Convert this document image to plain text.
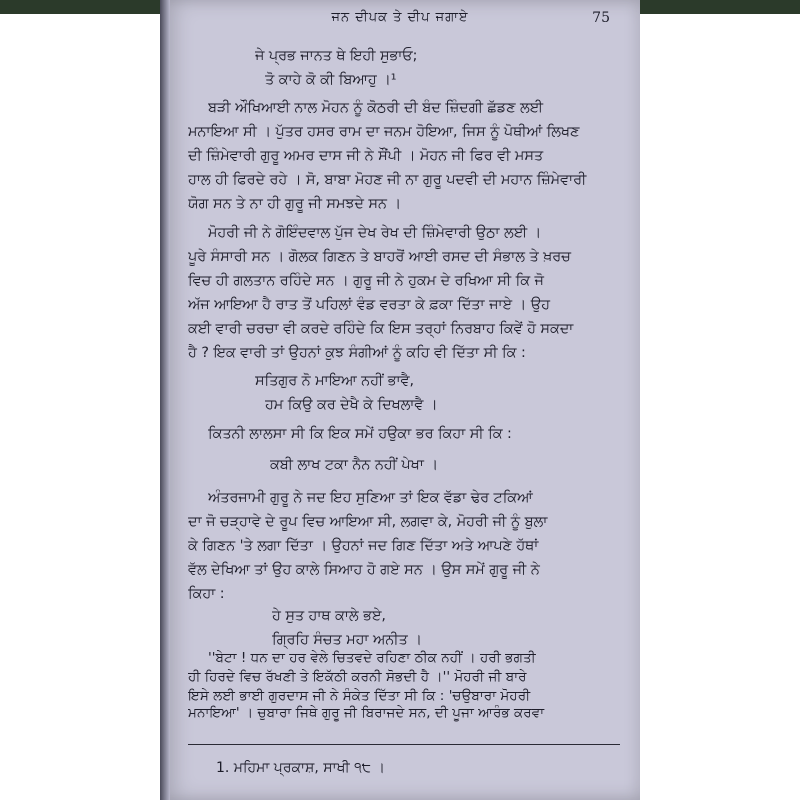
ਜਨ ਦੀਪਕ ਤੇ ਦੀਪ ਜਗਾਏ	75
ਜੇ ਪ੍ਰਭ ਜਾਨਤ ਥੇ ਇਹੀ ਸੁਭਾਓ;
ਤੋ ਕਾਹੇ ਕੋ ਕੀ ਬਿਆਹੁ ।¹
ਬੜੀ ਔਖਿਆਈ ਨਾਲ ਮੋਹਨ ਨੂੰ ਕੋਠਰੀ ਦੀ ਬੰਦ ਜ਼ਿੰਦਗੀ ਛੱਡਣ ਲਈ
ਮਨਾਇਆ ਸੀ । ਪੁੱਤਰ ਹਸਰ ਰਾਮ ਦਾ ਜਨਮ ਹੋਇਆ, ਜਿਸ ਨੂੰ ਪੋਥੀਆਂ ਲਿਖਣ
ਦੀ ਜ਼ਿੰਮੇਵਾਰੀ ਗੁਰੂ ਅਮਰ ਦਾਸ ਜੀ ਨੇ ਸੌਂਪੀ । ਮੋਹਨ ਜੀ ਫਿਰ ਵੀ ਮਸਤ
ਹਾਲ ਹੀ ਫਿਰਦੇ ਰਹੇ । ਸੋ, ਬਾਬਾ ਮੋਹਣ ਜੀ ਨਾ ਗੁਰੂ ਪਦਵੀ ਦੀ ਮਹਾਨ ਜ਼ਿੰਮੇਵਾਰੀ
ਯੋਗ ਸਨ ਤੇ ਨਾ ਹੀ ਗੁਰੂ ਜੀ ਸਮਝਦੇ ਸਨ ।
ਮੋਹਰੀ ਜੀ ਨੇ ਗੋਇੰਦਵਾਲ ਪੁੱਜ ਦੇਖ ਰੇਖ ਦੀ ਜ਼ਿੰਮੇਵਾਰੀ ਉਠਾ ਲਈ ।
ਪੂਰੇ ਸੰਸਾਰੀ ਸਨ । ਗੋਲਕ ਗਿਣਨ ਤੇ ਬਾਹਰੋਂ ਆਈ ਰਸਦ ਦੀ ਸੰਭਾਲ ਤੇ ਖ਼ਰਚ
ਵਿਚ ਹੀ ਗਲਤਾਨ ਰਹਿੰਦੇ ਸਨ । ਗੁਰੂ ਜੀ ਨੇ ਹੁਕਮ ਦੇ ਰਖਿਆ ਸੀ ਕਿ ਜੋ
ਅੱਜ ਆਇਆ ਹੈ ਰਾਤ ਤੋਂ ਪਹਿਲਾਂ ਵੰਡ ਵਰਤਾ ਕੇ ਫ਼ਕਾ ਦਿੱਤਾ ਜਾਏ । ਉਹ
ਕਈ ਵਾਰੀ ਚਰਚਾ ਵੀ ਕਰਦੇ ਰਹਿੰਦੇ ਕਿ ਇਸ ਤਰ੍ਹਾਂ ਨਿਰਬਾਹ ਕਿਵੇਂ ਹੋ ਸਕਦਾ
ਹੈ ? ਇਕ ਵਾਰੀ ਤਾਂ ਉਹਨਾਂ ਕੁਝ ਸੰਗੀਆਂ ਨੂੰ ਕਹਿ ਵੀ ਦਿੱਤਾ ਸੀ ਕਿ :
ਸਤਿਗੁਰ ਨੋ ਮਾਇਆ ਨਹੀਂ ਭਾਵੈ,
ਹਮ ਕਿਉ ਕਰ ਦੇਖੈ ਕੇ ਦਿਖਲਾਵੈ ।
ਕਿਤਨੀ ਲਾਲਸਾ ਸੀ ਕਿ ਇਕ ਸਮੇਂ ਹਉਕਾ ਭਰ ਕਿਹਾ ਸੀ ਕਿ :
ਕਬੀ ਲਾਖ ਟਕਾ ਨੈਨ ਨਹੀਂ ਪੇਖਾ ।
ਅੰਤਰਜਾਮੀ ਗੁਰੂ ਨੇ ਜਦ ਇਹ ਸੁਣਿਆ ਤਾਂ ਇਕ ਵੱਡਾ ਢੇਰ ਟਕਿਆਂ
ਦਾ ਜੋ ਚੜ੍ਹਾਵੇ ਦੇ ਰੂਪ ਵਿਚ ਆਇਆ ਸੀ, ਲਗਵਾ ਕੇ, ਮੋਹਰੀ ਜੀ ਨੂੰ ਬੁਲਾ
ਕੇ ਗਿਣਨ 'ਤੇ ਲਗਾ ਦਿੱਤਾ । ਉਹਨਾਂ ਜਦ ਗਿਣ ਦਿੱਤਾ ਅਤੇ ਆਪਣੇ ਹੱਥਾਂ
ਵੱਲ ਦੇਖਿਆ ਤਾਂ ਉਹ ਕਾਲੇ ਸਿਆਹ ਹੋ ਗਏ ਸਨ । ਉਸ ਸਮੇਂ ਗੁਰੂ ਜੀ ਨੇ
ਕਿਹਾ :
ਹੇ ਸੁਤ ਹਾਥ ਕਾਲੇ ਭਏ,
ਗ੍ਰਿਹਿ ਸੰਚਤ ਮਹਾ ਅਨੀਤ ।
''ਬੇਟਾ ! ਧਨ ਦਾ ਹਰ ਵੇਲੇ ਚਿਤਵਦੇ ਰਹਿਣਾ ਠੀਕ ਨਹੀਂ । ਹਰੀ ਭਗਤੀ
ਹੀ ਹਿਰਦੇ ਵਿਚ ਰੱਖਣੀ ਤੇ ਇਕੱਠੀ ਕਰਨੀ ਸੋਭਦੀ ਹੈ ।'' ਮੋਹਰੀ ਜੀ ਬਾਰੇ
ਇਸੇ ਲਈ ਭਾਈ ਗੁਰਦਾਸ ਜੀ ਨੇ ਸੰਕੇਤ ਦਿੱਤਾ ਸੀ ਕਿ : 'ਚਉਬਾਰਾ ਮੋਹਰੀ
ਮਨਾਇਆ' । ਚੁਬਾਰਾ ਜਿਥੇ ਗੁਰੂ ਜੀ ਬਿਰਾਜਦੇ ਸਨ, ਦੀ ਪੂਜਾ ਆਰੰਭ ਕਰਵਾ
1. ਮਹਿਮਾ ਪ੍ਰਕਾਸ਼, ਸਾਖੀ ੧੮ ।
